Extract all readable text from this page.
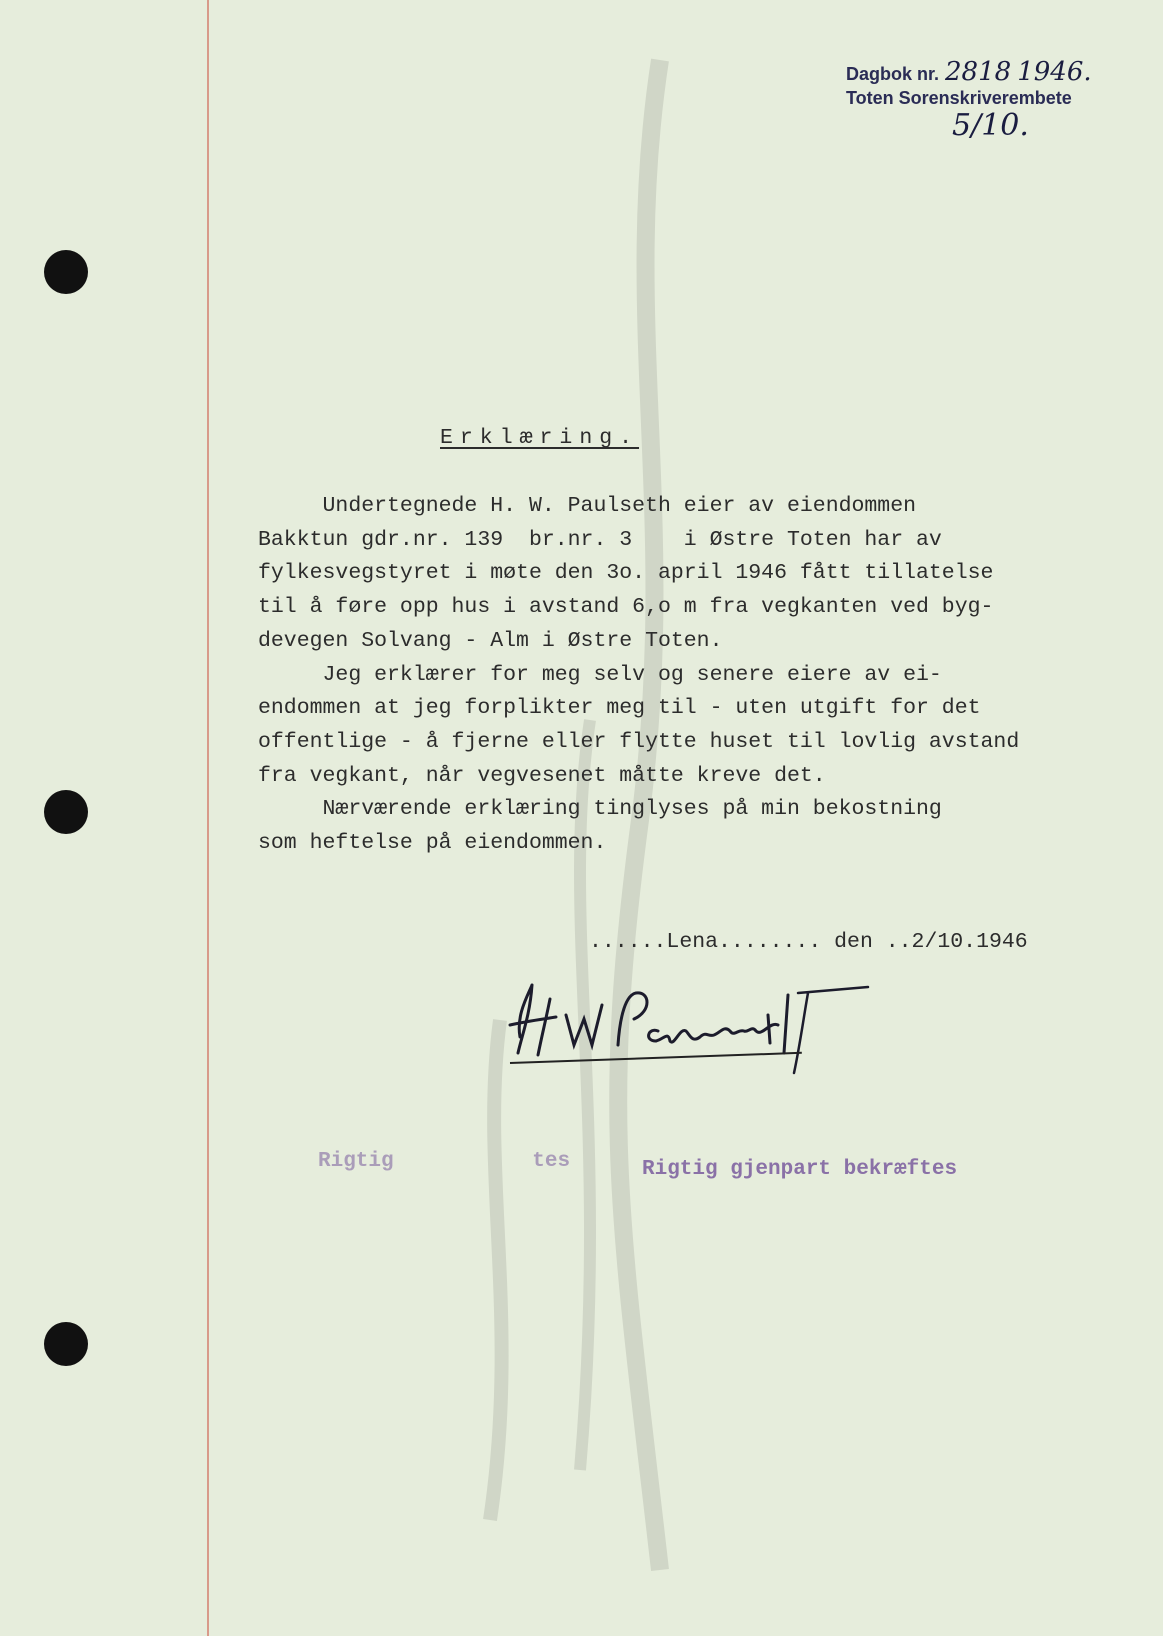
Dagbok nr. 2818 1946.
Toten Sorenskriverembete
5/10.
Erklæring.

Undertegnede H. W. Paulseth eier av eiendommen
Bakktun gdr.nr. 139  br.nr. 3    i Østre Toten har av
fylkesvegstyret i møte den 3o. april 1946 fått tillatelse
til å føre opp hus i avstand 6,o m fra vegkanten ved byg-
devegen Solvang - Alm i Østre Toten.
Jeg erklærer for meg selv og senere eiere av ei-
endommen at jeg forplikter meg til - uten utgift for det
offentlige - å fjerne eller flytte huset til lovlig avstand
fra vegkant, når vegvesenet måtte kreve det.
Nærværende erklæring tinglyses på min bekostning
som heftelse på eiendommen.

......Lena........ den ..2/10.1946
H. W. Paulseth
Rigtig           tes	Rigtig gjenpart bekræftes
